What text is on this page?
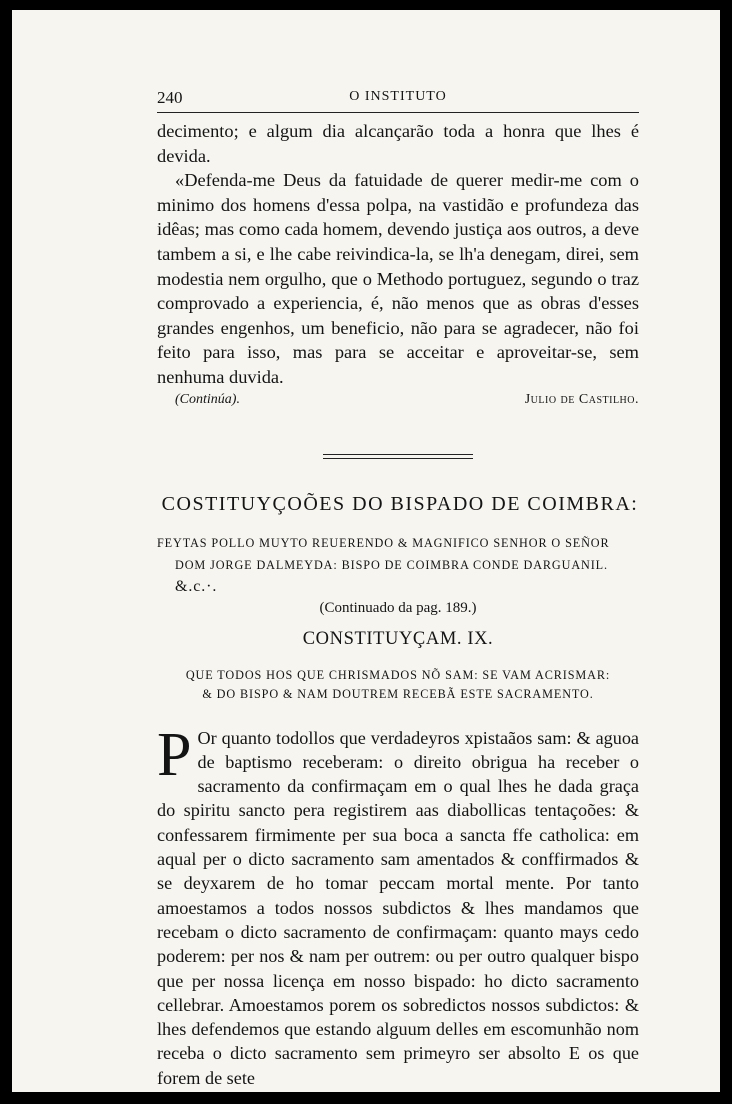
240	O INSTITUTO

decimento; e algum dia alcançarão toda a honra que lhes é devida.

«Defenda-me Deus da fatuidade de querer medir-me com o minimo dos homens d'essa polpa, na vastidão e profundeza das idêas; mas como cada homem, devendo justiça aos outros, a deve tambem a si, e lhe cabe reivindica-la, se lh'a denegam, direi, sem modestia nem orgulho, que o Methodo portuguez, segundo o traz comprovado a experiencia, é, não menos que as obras d'esses grandes engenhos, um beneficio, não para se agradecer, não foi feito para isso, mas para se acceitar e aproveitar-se, sem nenhuma duvida.

(Continúa).	Julio de Castilho.
COSTITUYÇOÕES DO BISPADO DE COIMBRA:
FEYTAS POLLO MUYTO REUERENDO & MAGNIFICO SENHOR O SEÑOR
DOM JORGE DALMEYDA: BISPO DE COIMBRA CONDE DARGUANIL.
&.c.·.
(Continuado da pag. 189.)
CONSTITUYÇAM. IX.
QUE TODOS HOS QUE CHRISMADOS NÕ SAM: SE VAM ACRISMAR:
& DO BISPO & NAM DOUTREM RECEBÃ ESTE SACRAMENTO.
P Or quanto todollos que verdadeyros xpistaãos sam: & aguoa de baptismo receberam: o direito obrigua ha receber o sacramento da confirmaçam em o qual lhes he dada graça do spiritu sancto pera registirem aas diabollicas tentaçoões: & confessarem firmimente per sua boca a sancta ffe catholica: em aqual per o dicto sacramento sam amentados & conffirmados & se deyxarem de ho tomar peccam mortal mente. Por tanto amoestamos a todos nossos subdictos & lhes mandamos que recebam o dicto sacramento de confirmaçam: quanto mays cedo poderem: per nos & nam per outrem: ou per outro qualquer bispo que per nossa licença em nosso bispado: ho dicto sacramento cellebrar. Amoestamos porem os sobredictos nossos subdictos: & lhes defendemos que estando alguum delles em escomunhão nom receba o dicto sacramento sem primeyro ser absolto E os que forem de sete
